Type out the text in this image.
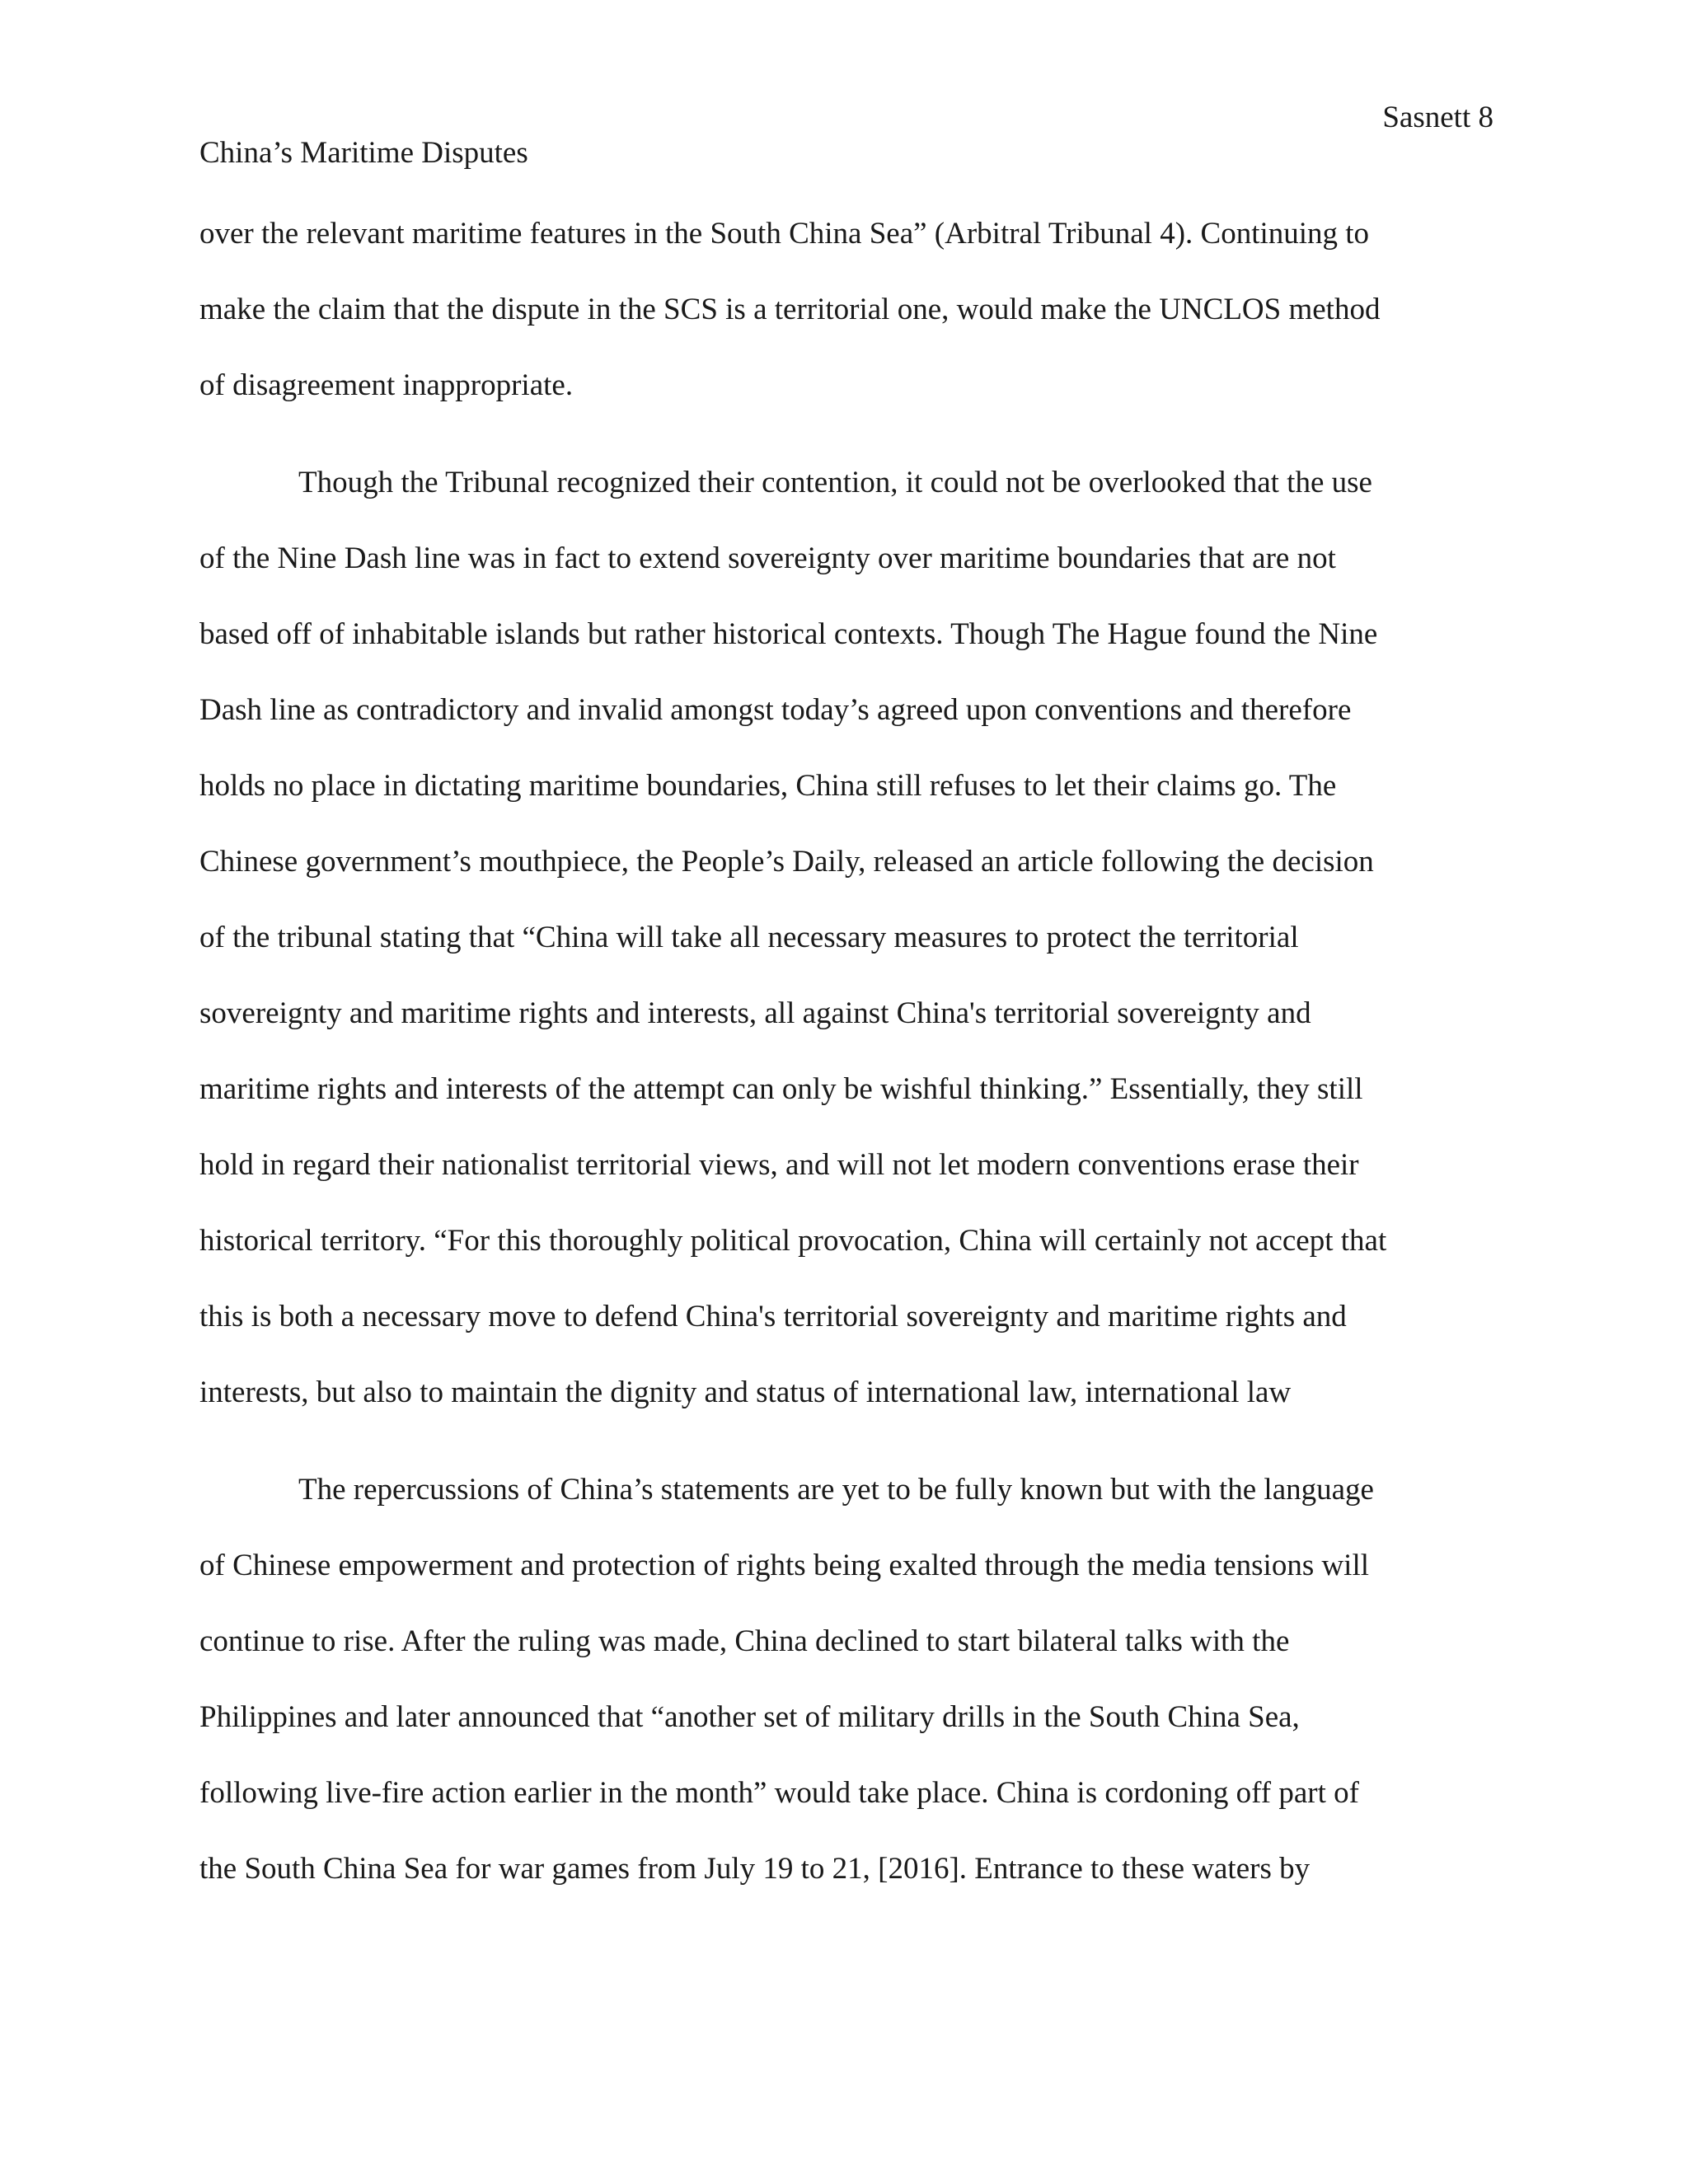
Sasnett 8
China’s Maritime Disputes
over the relevant maritime features in the South China Sea” (Arbitral Tribunal 4). Continuing to
make the claim that the dispute in the SCS is a territorial one, would make the UNCLOS method
of disagreement inappropriate.
Though the Tribunal recognized their contention, it could not be overlooked that the use
of the Nine Dash line was in fact to extend sovereignty over maritime boundaries that are not
based off of inhabitable islands but rather historical contexts. Though The Hague found the Nine
Dash line as contradictory and invalid amongst today’s agreed upon conventions and therefore
holds no place in dictating maritime boundaries, China still refuses to let their claims go. The
Chinese government’s mouthpiece, the People’s Daily, released an article following the decision
of the tribunal stating that “China will take all necessary measures to protect the territorial
sovereignty and maritime rights and interests, all against China's territorial sovereignty and
maritime rights and interests of the attempt can only be wishful thinking.” Essentially, they still
hold in regard their nationalist territorial views, and will not let modern conventions erase their
historical territory. “For this thoroughly political provocation, China will certainly not accept that
this is both a necessary move to defend China's territorial sovereignty and maritime rights and
interests, but also to maintain the dignity and status of international law, international law
The repercussions of China’s statements are yet to be fully known but with the language
of Chinese empowerment and protection of rights being exalted through the media tensions will
continue to rise. After the ruling was made, China declined to start bilateral talks with the
Philippines and later announced that “another set of military drills in the South China Sea,
following live-fire action earlier in the month” would take place. China is cordoning off part of
the South China Sea for war games from July 19 to 21, [2016]. Entrance to these waters by
